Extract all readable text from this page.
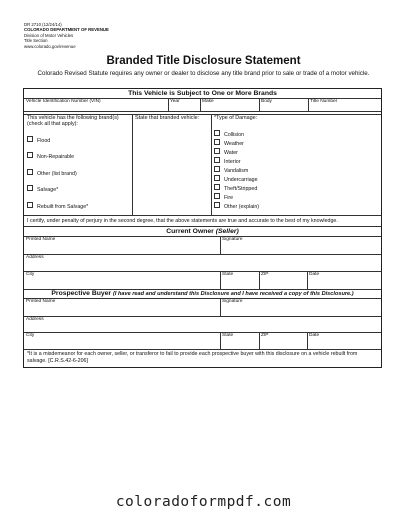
DR 2710 (12/24/14)
COLORADO DEPARTMENT OF REVENUE
Division of Motor Vehicles
Title Section
www.colorado.gov/revenue
Branded Title Disclosure Statement
Colorado Revised Statute requires any owner or dealer to disclose any title brand prior to sale or trade of a motor vehicle.
This Vehicle is Subject to One or More Brands
Vehicle Identification Number (VIN)	Year	Make	Body	Title Number
This vehicle has the following brand(s)
(check all that apply):
State that branded vehicle:
Flood
Non-Repairable
Other (list brand)
Salvage*
Rebuilt from Salvage*
*Type of Damage:
Collision
Weather
Water
Interior
Vandalism
Undercarriage
Theft/Stripped
Fire
Other (explain)
I certify, under penalty of perjury in the second degree, that the above statements are true and accurate to the best of my knowledge.
Current Owner (Seller)
Printed Name	Signature
Address
City	State	ZIP	Date
Prospective Buyer (I have read and understand this Disclosure and I have received a copy of this Disclosure.)
Printed Name	Signature
Address
City	State	ZIP	Date
*It is a misdemeanor for each owner, seller, or transferor to fail to provide each prospective buyer with this disclosure on a vehicle rebuilt from salvage. [C.R.S.42-6-206]
coloradoformpdf.com
